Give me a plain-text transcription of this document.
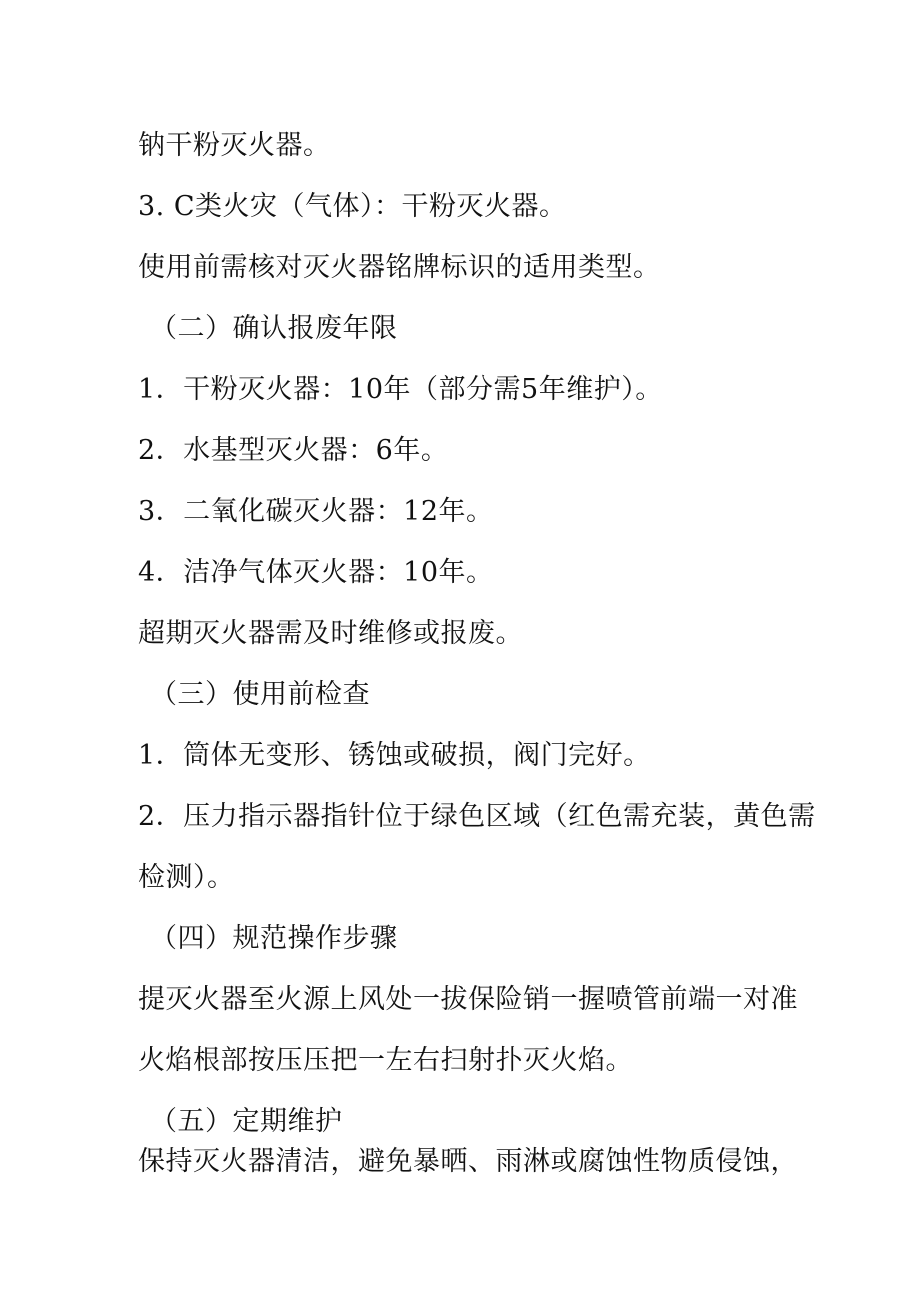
钠干粉灭火器。
3. C类火灾（气体）：干粉灭火器。
使用前需核对灭火器铭牌标识的适用类型。
（二）确认报废年限
1．干粉灭火器：10年（部分需5年维护）。
2．水基型灭火器：6年。
3．二氧化碳灭火器：12年。
4．洁净气体灭火器：10年。
超期灭火器需及时维修或报废。
（三）使用前检查
1．筒体无变形、锈蚀或破损，阀门完好。
2．压力指示器指针位于绿色区域（红色需充装，黄色需
检测）。
（四）规范操作步骤
提灭火器至火源上风处一拔保险销一握喷管前端一对准
火焰根部按压压把一左右扫射扑灭火焰。
（五）定期维护
保持灭火器清洁，避免暴晒、雨淋或腐蚀性物质侵蚀，
